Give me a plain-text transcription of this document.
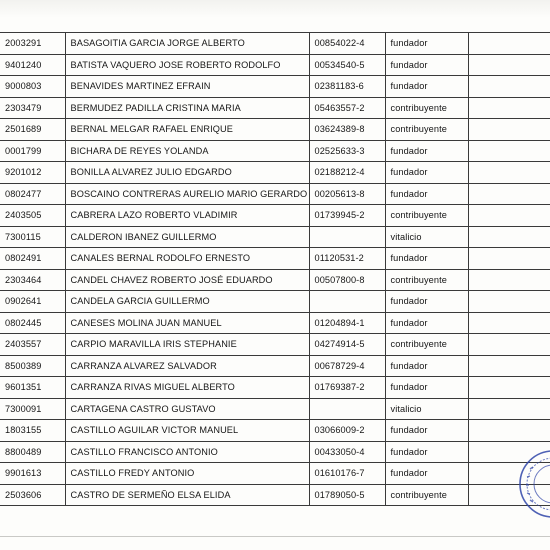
2003291	BASAGOITIA GARCIA JORGE ALBERTO	00854022-4	fundador	
9401240	BATISTA VAQUERO JOSE ROBERTO RODOLFO	00534540-5	fundador	
9000803	BENAVIDES MARTINEZ EFRAIN	02381183-6	fundador	
2303479	BERMUDEZ PADILLA CRISTINA MARIA	05463557-2	contribuyente	
2501689	BERNAL MELGAR RAFAEL ENRIQUE	03624389-8	contribuyente	
0001799	BICHARA DE REYES YOLANDA	02525633-3	fundador	
9201012	BONILLA ALVAREZ JULIO EDGARDO	02188212-4	fundador	
0802477	BOSCAINO CONTRERAS AURELIO MARIO GERARDO	00205613-8	fundador	
2403505	CABRERA LAZO ROBERTO VLADIMIR	01739945-2	contribuyente	
7300115	CALDERON IBANEZ GUILLERMO		vitalicio	
0802491	CANALES BERNAL RODOLFO ERNESTO	01120531-2	fundador	
2303464	CANDEL CHAVEZ ROBERTO JOSÉ EDUARDO	00507800-8	contribuyente	
0902641	CANDELA GARCIA GUILLERMO		fundador	
0802445	CANESES MOLINA JUAN MANUEL	01204894-1	fundador	
2403557	CARPIO MARAVILLA IRIS STEPHANIE	04274914-5	contribuyente	
8500389	CARRANZA ALVAREZ SALVADOR	00678729-4	fundador	
9601351	CARRANZA RIVAS MIGUEL ALBERTO	01769387-2	fundador	
7300091	CARTAGENA CASTRO GUSTAVO		vitalicio	
1803155	CASTILLO AGUILAR VICTOR MANUEL	03066009-2	fundador	
8800489	CASTILLO FRANCISCO ANTONIO	00433050-4	fundador	
9901613	CASTILLO FREDY ANTONIO	01610176-7	fundador	
2503606	CASTRO DE SERMEÑO ELSA ELIDA	01789050-5	contribuyente	
